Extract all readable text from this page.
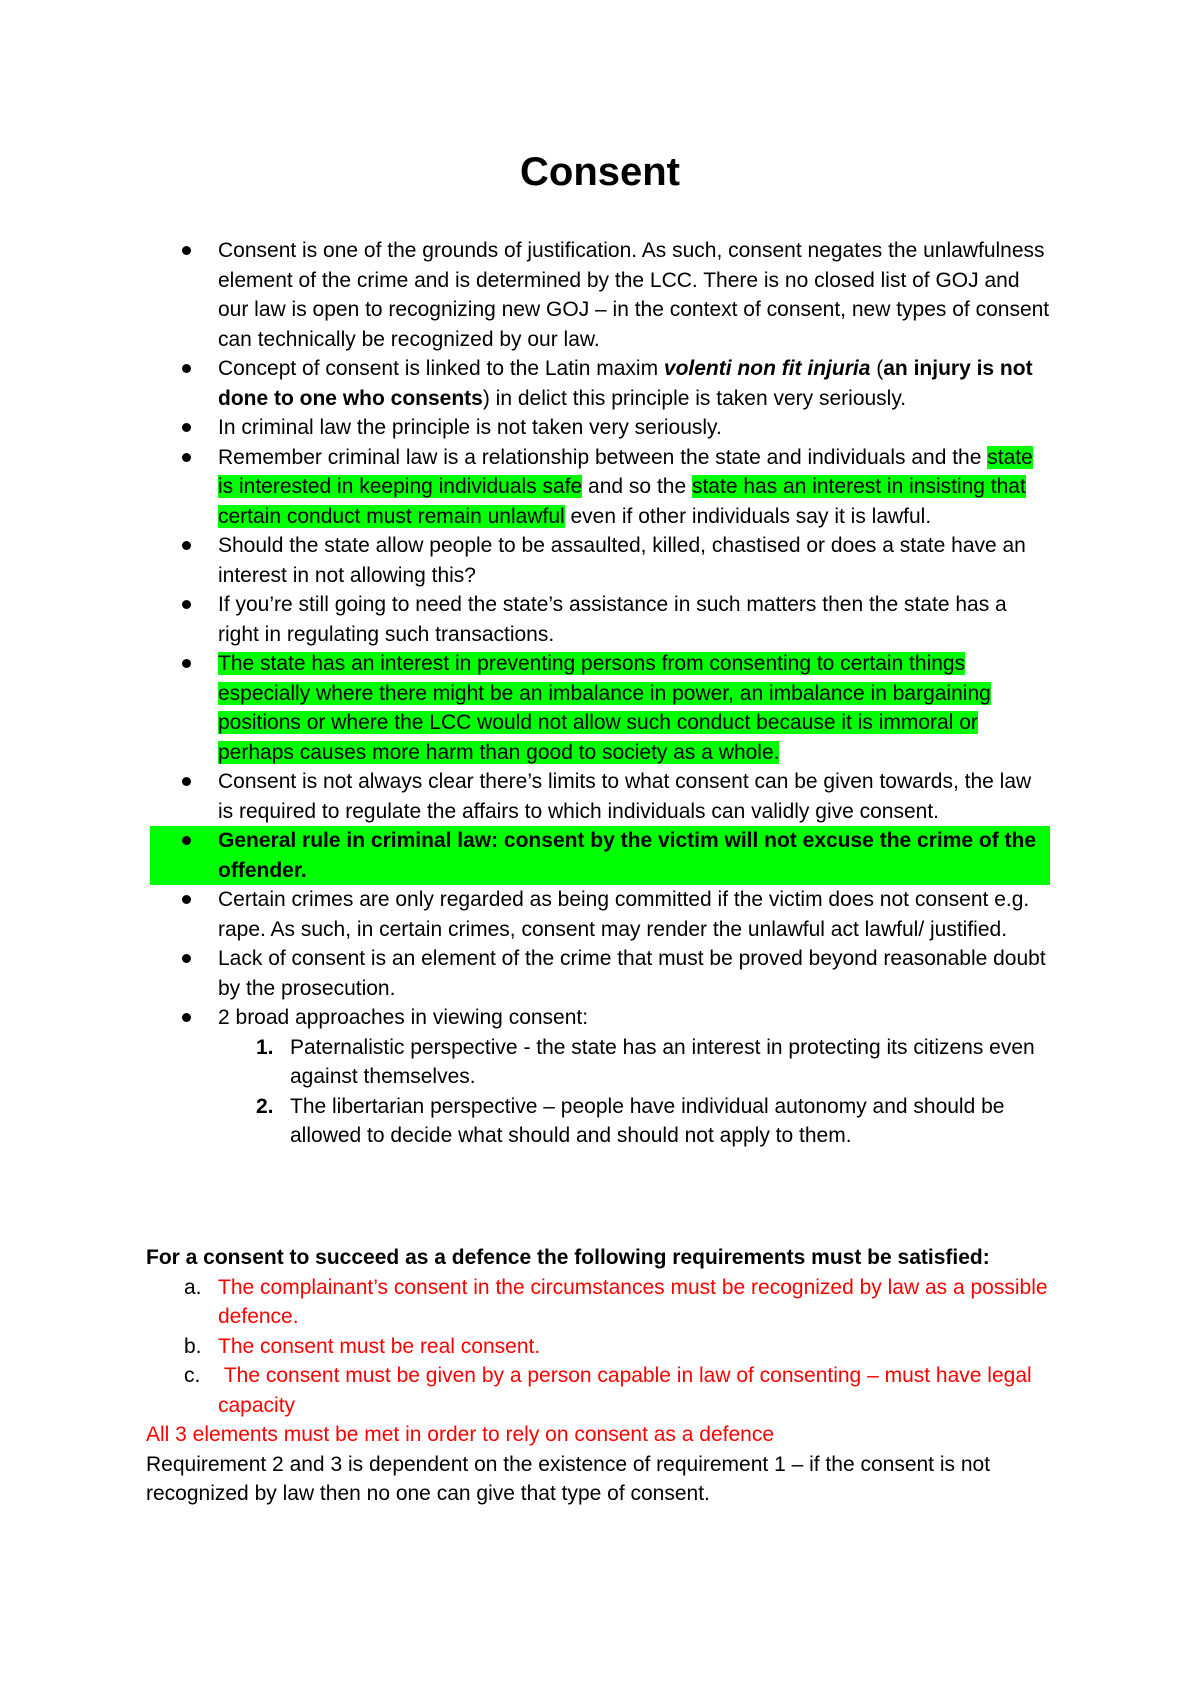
Consent
Consent is one of the grounds of justification. As such, consent negates the unlawfulness element of the crime and is determined by the LCC. There is no closed list of GOJ and our law is open to recognizing new GOJ – in the context of consent, new types of consent can technically be recognized by our law.
Concept of consent is linked to the Latin maxim volenti non fit injuria (an injury is not done to one who consents) in delict this principle is taken very seriously.
In criminal law the principle is not taken very seriously.
Remember criminal law is a relationship between the state and individuals and the state is interested in keeping individuals safe and so the state has an interest in insisting that certain conduct must remain unlawful even if other individuals say it is lawful.
Should the state allow people to be assaulted, killed, chastised or does a state have an interest in not allowing this?
If you’re still going to need the state’s assistance in such matters then the state has a right in regulating such transactions.
The state has an interest in preventing persons from consenting to certain things especially where there might be an imbalance in power, an imbalance in bargaining positions or where the LCC would not allow such conduct because it is immoral or perhaps causes more harm than good to society as a whole.
Consent is not always clear there’s limits to what consent can be given towards, the law is required to regulate the affairs to which individuals can validly give consent.
General rule in criminal law: consent by the victim will not excuse the crime of the offender.
Certain crimes are only regarded as being committed if the victim does not consent e.g. rape. As such, in certain crimes, consent may render the unlawful act lawful/ justified.
Lack of consent is an element of the crime that must be proved beyond reasonable doubt by the prosecution.
2 broad approaches in viewing consent:
1. Paternalistic perspective - the state has an interest in protecting its citizens even against themselves.
2. The libertarian perspective – people have individual autonomy and should be allowed to decide what should and should not apply to them.
For a consent to succeed as a defence the following requirements must be satisfied:
a. The complainant’s consent in the circumstances must be recognized by law as a possible defence.
b. The consent must be real consent.
c. The consent must be given by a person capable in law of consenting – must have legal capacity
All 3 elements must be met in order to rely on consent as a defence
Requirement 2 and 3 is dependent on the existence of requirement 1 – if the consent is not recognized by law then no one can give that type of consent.
